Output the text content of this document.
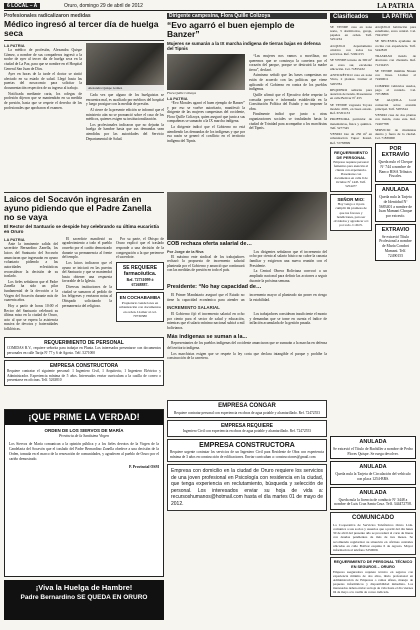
6 LOCAL – A	Oruro, domingo 29 de abril de 2012	LA PATRIA
Profesionales radicalizaron medidas
Médico ingresó al tercer día de huelga seca
LA PATRIA

La médico de profesión, Alexandra Quispe Gómez, a nombre de sus compañeros ingresó a la noche de ayer al tercer día de huelga seca en la ciudad de La Paz, para que se nombre en el Hospital General San Juan de Dios.

Ayer en horas de la tarde el doctor se sintió afectado en su estado de salud. Llegó hasta las puertas del nosocomio para solicitar la documentación respectiva de su ingreso al trabajo.

Notificada mediante carta, los colegas de profesión dijeron que se mantendrán en su medida de presión, hasta que se respete el derecho de los profesionales que aprobaron el examen.

Alexandra Quispe Gómez

Cada vez que alguno de los huelguistas se encuentra mal, es auxiliado por médicos del hospital y luego prosigue con la medida de presión.

Al cierre de la presente edición se informó que el ministerio aún no se pronunció sobre el caso de los médicos, quienes exigen su institucionalización.

Los profesionales indicaron que no dejarán la huelga de hambre hasta que sus demandas sean atendidas por las autoridades del Servicio Departamental de Salud.

Dirigente campesina, Flora Quille Colizoya
“Evo agarró el buen ejemplo de Banzer”
Mujeres se sumarán a la IX marcha indígena de tierras bajas en defensa del Tipnis
Flora Quille Colizoya
LA PATRIA

“Evo Morales agarró el buen ejemplo de Banzer” y por eso se vuelve autoritario, manifestó la dirigente de las mujeres campesinas del occidente, Flora Quille Colizoya, quien aseguró que junto a sus compañeras se sumarán a la IX marcha indígena.

La dirigente indicó que el Gobierno no está atendiendo las demandas de los indígenas y que por esa razón se generó el conflicto en el territorio indígena del Tipnis.

“Las mujeres nos vamos a movilizar, no queremos que se construya la carretera por el corazón del parque, porque se destruirá la madre tierra”, declaró.

Asimismo señaló que las bases campesinas no están de acuerdo con las políticas que viene aplicando el Gobierno en contra de los pueblos indígenas.

Quille afirmó que el Ejecutivo debe respetar la consulta previa e informada establecida en la Constitución Política del Estado y no imponer la obra.

Finalmente indicó que junto a otras organizaciones sociales se trasladarán hasta la ciudad de Trinidad para acompañar a los marchistas del Tipnis.

Laicos del Socavón ingresarán en ayuno pidiendo que el Padre Zanella no se vaya
El Rector del Santuario se despide hoy celebrando su última eucaristía en Oruro
LA PATRIA

Ante la inminente salida del sacerdote Bernardino Zanella, los laicos del Santuario del Socavón anunciaron que ingresarán en ayuno voluntario pidiendo a las autoridades eclesiásticas reconsiderar la decisión de su traslado.

Los fieles señalaron que el Padre Zanella ha sido un pilar fundamental de la devoción a la Virgen del Socavón durante más de cuarenta años.

Hoy a partir de horas 10:00 el Rector del Santuario celebrará su última misa en la ciudad de Oruro, acto al que se espera la asistencia masiva de devotos y fraternidades folklóricas.

El sacerdote manifestó su agradecimiento a todo el pueblo orureño por el cariño demostrado durante su permanencia al frente del templo.

Los laicos indicaron que el ayuno se iniciará en las puertas del Santuario y que se mantendrá hasta obtener una respuesta favorable de la Iglesia.

Diversas instituciones de la ciudad se sumaron al pedido de los feligreses y enviaron notas al Obispado solicitando la permanencia del religioso.

Por su parte, el Obispo de Oruro explicó que el traslado responde a una decisión de la congregación a la que pertenece el sacerdote.

SE REQUIERE farmacéutica.
Ref. 72731099 ó 67268887.
EN COCHABAMBA
Propietario vende lotes en urbanización con documentos en orden. Llamar al cel. 70730380
COB rechaza oferta salarial de…
Por Jorge de la Riva

El máximo ente sindical de los trabajadores rechazó la propuesta de incremento salarial planteada por el Gobierno y anunció que continuará con las medidas de presión en todo el país.

Los dirigentes señalaron que el incremento del ocho por ciento al salario básico no cubre la canasta familiar y exigieron una nueva reunión con el Presidente.

La Central Obrera Boliviana convocó a un ampliado nacional para definir las acciones a seguir durante la próxima semana.

Presidente: “No hay capacidad de…

El Primer Mandatario aseguró que el Estado no tiene la capacidad económica para atender un incremento mayor al planteado sin poner en riesgo la estabilidad.

INCREMENTO SALARIAL

El Gobierno fijó el incremento salarial en ocho por ciento para el sector de salud y educación, mientras que el salario mínimo nacional subirá a mil bolivianos.

Los trabajadores consideran insuficiente el monto y demandan que se tome en cuenta el índice de inflación acumulada de la gestión pasada.

Más indígenas se suman a la...

Representantes de los pueblos indígenas del occidente anunciaron que se sumarán a la marcha en defensa del territorio indígena.

Los marchistas exigen que se respete la ley corta que declara intangible el parque y prohíbe la construcción de la carretera.

REQUERIMIENTO DE PERSONAL
COMIDAS B.V., requiere señorita para trabajar en Planta. Los interesados presentarse con documentos personales en calle Tarija Nº 77 y 6 de Agosto. Telf. 5271000
EMPRESA CONSTRUCTORA
Requiere contratar el siguiente personal: 1 Ingeniero Civil, 1 Arquitecto, 1 Ingeniero Eléctrico y Administrador. Experiencia mínima de 5 años. Interesados enviar curriculum a la casilla de correo o presentarse en oficinas. Telf. 5263810
¡QUE PRIME LA VERDAD!
ORDEN DE LOS SIERVOS DE MARÍA
Provincia de la Santísima Virgen
Los Siervos de María comunican a la opinión pública y a los fieles devotos de la Virgen de la Candelaria del Socavón que el traslado del Padre Bernardino Zanella obedece a una decisión de la Orden, tomada en el marco de la renovación de comunidades, y agradecen al pueblo de Oruro por el cariño demostrado.
P. Provincial OSM
¡Viva la Huelga de Hambre!
Padre Bernardino SE QUEDA EN ORURO
EMPRESA CONGAR
Requiere contratar personal con experiencia en obras de agua potable y alcantarillado. Ref. 72472553
EMPRESA REQUIERE
Ingeniero Civil con experiencia en obras de agua potable y alcantarillado. Ref. 72472553
EMPRESA CONSTRUCTORA
Requiere urgente contratar los servicios de un Ingeniero Civil para Residente de Obra con experiencia mínima de 3 años en construcción de edificaciones. Enviar curriculum a: construcciones@gmail.com
Empresa con domicilio en la ciudad de Oruro requiere los servicios de una joven profesional en Psicología con residencia en la ciudad, que tenga experiencia en reclutamiento, búsqueda y selección de personal. Los interesados enviar su hoja de vida a: recursoshumanos@hotmail.com hasta el día martes 01 de mayo de 2012.
Clasificados LA PATRIA
SE VENDE casa en zona norte, 3 dormitorios, garaje, papeles en orden. Telf. 5251234
ALQUILO departamento céntrico con todos los servicios. Ref. 72491155
SE VENDE terreno de 300 m² en zona sur, excelente ubicación. Cel. 71855432
ANTICRÉTICO casa en zona Vinto, 2 plantas. Llamar al 5265784
REQUIERO señorita para atención de tienda. Presentarse en calle Bolívar Nº 455
SE VENDE vagoneta Toyota modelo 2005, en buen estado. Ref. 67201133
PROFESORA particular de matemáticas, física y química. Telf. 5277345
VENDO lote de 250 m² en urbanización Tupac Katari. Ref. 72738899
REQUERIMIENTO DE PERSONAL
Empresa requiere personal femenino para atención al cliente con experiencia. Presentarse con documentos en calle 6 de Octubre Nº 1445. Telf. 5254477
SEÑOR MIO:
Hoy vengo a ti para cumplir mi promesa de que tus favores y bendiciones, para ser olvidados y agradecer a ti por todo. C.M.N.
ALQUILO habitación para estudiante, zona central. Cel. 70412567
SE NECESITA ayudante de cocina con experiencia. Telf. 5242818
TRASPASO tienda de abarrotes con clientela. Ref. 71234455
SE VENDE minibús Nissan con línea. Llamar al 72490011
COMPRO vehículos usados, pago al contado. Cel. 70718866
SE ALQUILA local comercial sobre avenida principal. Telf. 5283344
VENDO casa de dos plantas con tienda, zona este. Ref. 72467788
SERVICIO de mudanzas dentro y fuera de la ciudad. Cel. 71839900
POR EXTRAVÍO
Queda nulo el Cheque Nº 744 a nombre de Banco BISA Tributos Fiscales.
ANULADA
Queda nula la Tarjeta de Identidad Nº 5683401 a nombre de Juan Mamani Choque por extravío.
EXTRAVIO
Se extravió Título Profesional a nombre de María Condori Mamani. Telf. 72490155
ANULADA
Se extravió el Título de Bachiller a nombre de Pedro Flores Quispe. Se ruega devolver.
ANULADA
Queda nula la Tarjeta de Circulación del vehículo con placa 1254-BRS.
ANULADA
Queda nula la licencia de conducir Nº 3448 a nombre de Luis Cruz Santa Cruz. Telf. 344472758.
COMUNICADO
La Cooperativa de Servicios Telefónicos Oruro Ltda. comunica a sus socios y usuarios que a partir del día lunes 30 de abril del presente año se procederá al corte de líneas con deudas pendientes de más de tres meses. Se recomienda regularizar su situación en oficinas centrales ubicadas en calle Bolívar esquina 6 de Agosto. Mayor información al teléfono 5250000.
REQUERIMIENTO DE PERSONAL TÉCNICO EN SEGUROS – ORURO
Empresa aseguradora requiere técnico en seguros con experiencia mínima de dos años, título profesional en Administración de Empresas o ramas afines, manejo de paquetes informáticos y disponibilidad inmediata. Los interesados deben enviar su hoja de vida hasta el día viernes 04 de mayo a la casilla de correo indicada.
